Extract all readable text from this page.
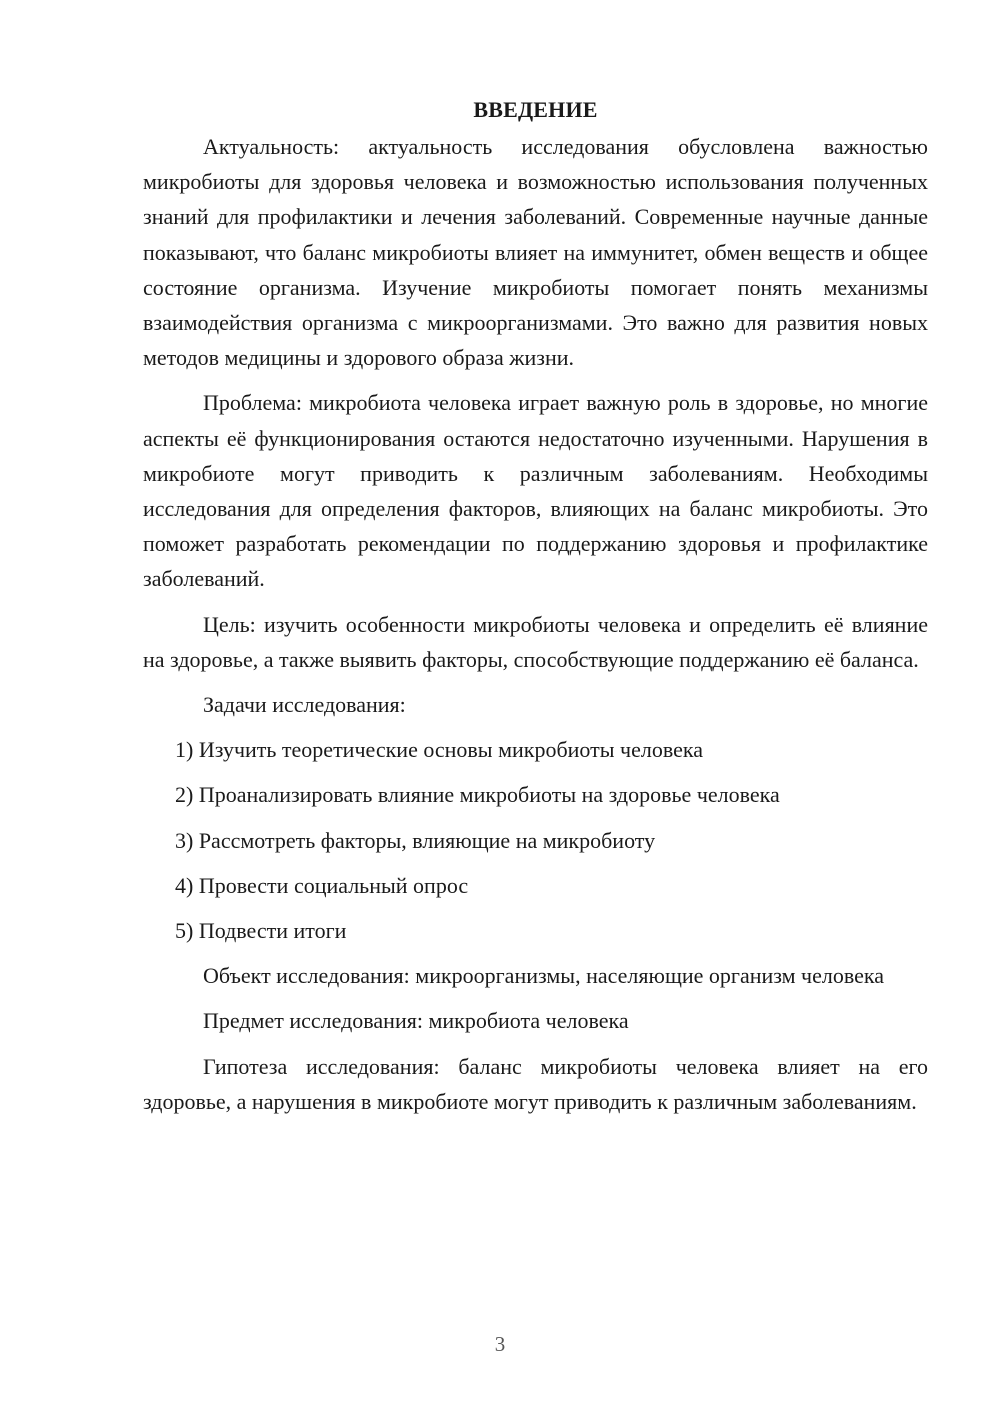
ВВЕДЕНИЕ

Актуальность: актуальность исследования обусловлена важностью микробиоты для здоровья человека и возможностью использования полученных знаний для профилактики и лечения заболеваний. Современные научные данные показывают, что баланс микробиоты влияет на иммунитет, обмен веществ и общее состояние организма. Изучение микробиоты помогает понять механизмы взаимодействия организма с микроорганизмами. Это важно для развития новых методов медицины и здорового образа жизни.

Проблема: микробиота человека играет важную роль в здоровье, но многие аспекты её функционирования остаются недостаточно изученными. Нарушения в микробиоте могут приводить к различным заболеваниям. Необходимы исследования для определения факторов, влияющих на баланс микробиоты. Это поможет разработать рекомендации по поддержанию здоровья и профилактике заболеваний.

Цель: изучить особенности микробиоты человека и определить её влияние на здоровье, а также выявить факторы, способствующие поддержанию её баланса.

Задачи исследования:

1) Изучить теоретические основы микробиоты человека
2) Проанализировать влияние микробиоты на здоровье человека
3) Рассмотреть факторы, влияющие на микробиоту
4) Провести социальный опрос
5) Подвести итоги

Объект исследования: микроорганизмы, населяющие организм человека

Предмет исследования: микробиота человека

Гипотеза исследования: баланс микробиоты человека влияет на его здоровье, а нарушения в микробиоте могут приводить к различным заболеваниям.

3
